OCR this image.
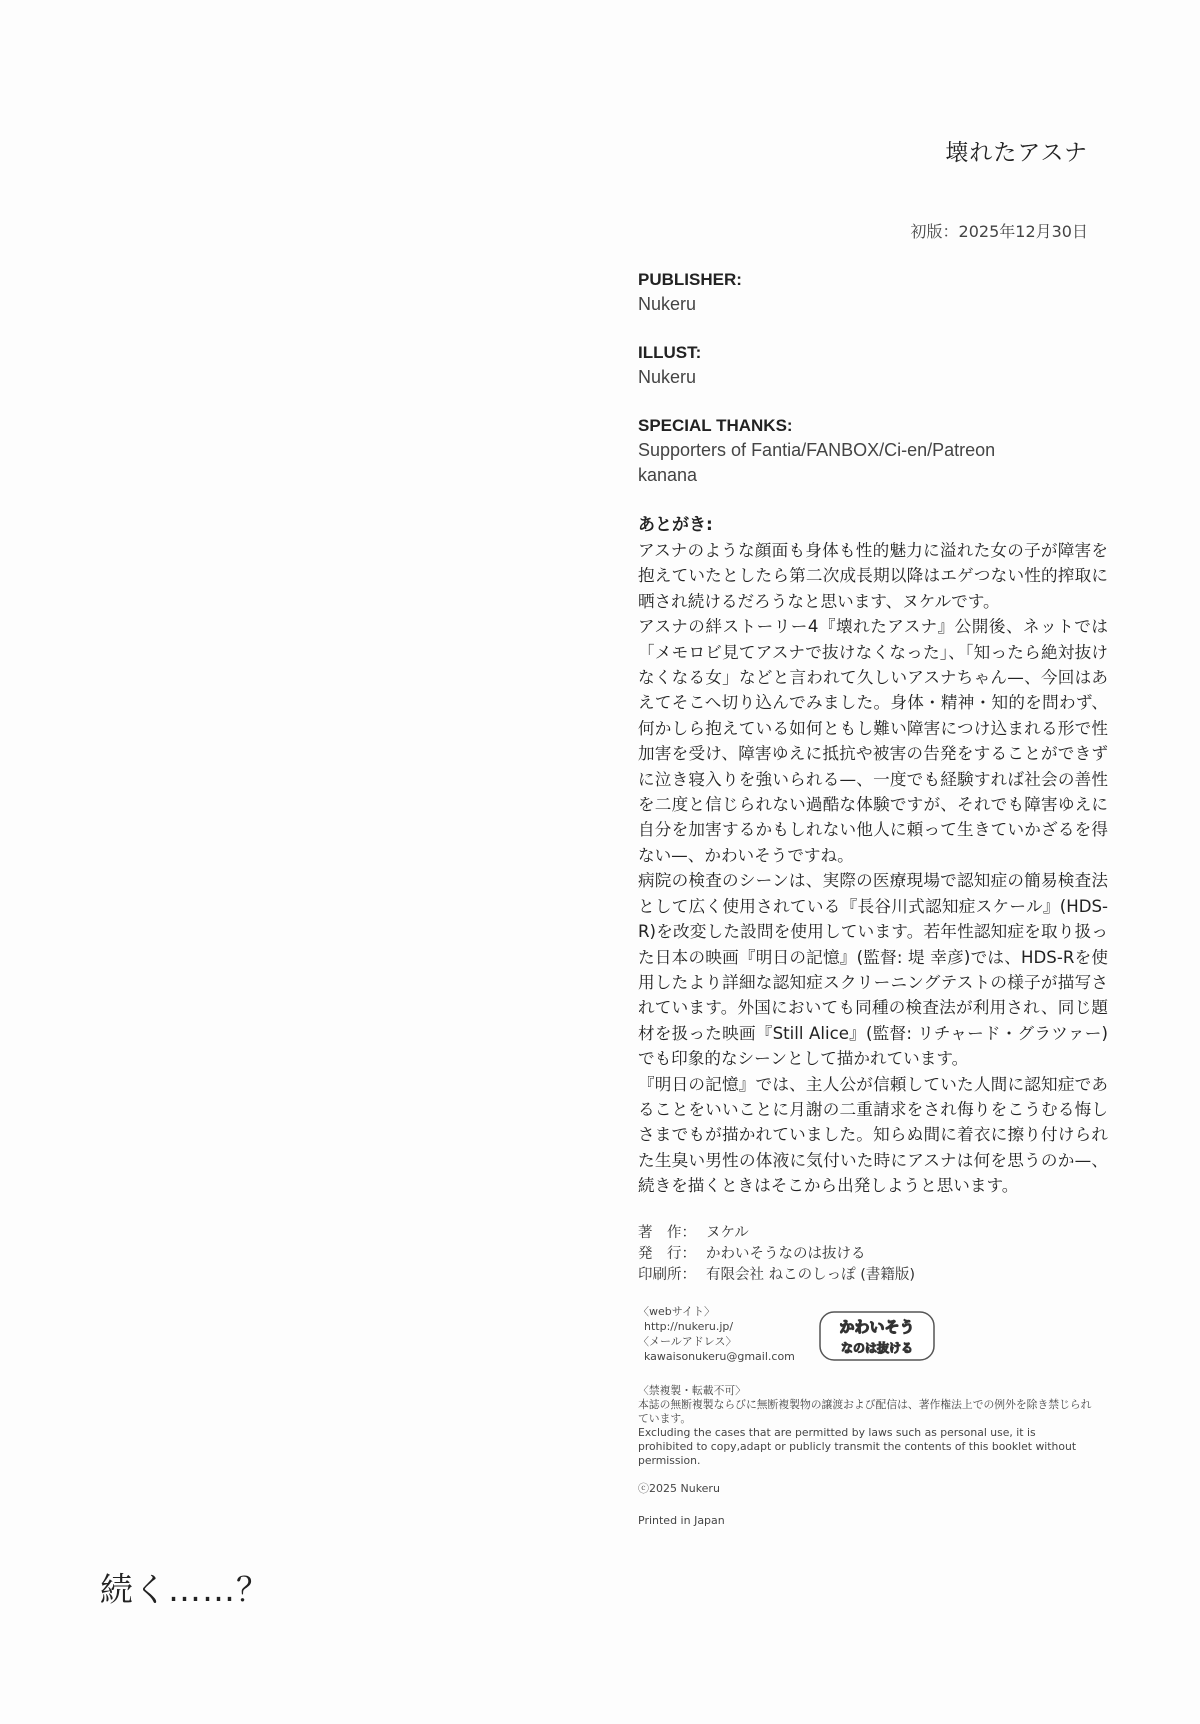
壊れたアスナ
初版：2025年12月30日
PUBLISHER:
Nukeru
ILLUST:
Nukeru
SPECIAL THANKS:
Supporters of Fantia/FANBOX/Ci-en/Patreon
kanana
あとがき:

アスナのような顔面も身体も性的魅力に溢れた女の子が障害を抱えていたとしたら第二次成長期以降はエゲつない性的搾取に晒され続けるだろうなと思います、ヌケルです。

アスナの絆ストーリー4『壊れたアスナ』公開後、ネットでは「メモロビ見てアスナで抜けなくなった」、「知ったら絶対抜けなくなる女」などと言われて久しいアスナちゃん—、今回はあえてそこへ切り込んでみました。身体・精神・知的を問わず、何かしら抱えている如何ともし難い障害につけ込まれる形で性加害を受け、障害ゆえに抵抗や被害の告発をすることができずに泣き寝入りを強いられる—、一度でも経験すれば社会の善性を二度と信じられない過酷な体験ですが、それでも障害ゆえに自分を加害するかもしれない他人に頼って生きていかざるを得ない—、かわいそうですね。

病院の検査のシーンは、実際の医療現場で認知症の簡易検査法として広く使用されている『長谷川式認知症スケール』(HDS-R)を改変した設問を使用しています。若年性認知症を取り扱った日本の映画『明日の記憶』(監督: 堤 幸彦)では、HDS-Rを使用したより詳細な認知症スクリーニングテストの様子が描写されています。外国においても同種の検査法が利用され、同じ題材を扱った映画『Still Alice』(監督: リチャード・グラツァー)でも印象的なシーンとして描かれています。

『明日の記憶』では、主人公が信頼していた人間に認知症であることをいいことに月謝の二重請求をされ侮りをこうむる悔しさまでもが描かれていました。知らぬ間に着衣に擦り付けられた生臭い男性の体液に気付いた時にアスナは何を思うのか—、続きを描くときはそこから出発しようと思います。

著　作： ヌケル
発　行： かわいそうなのは抜ける
印刷所： 有限会社 ねこのしっぽ (書籍版)
〈webサイト〉
http://nukeru.jp/
〈メールアドレス〉
kawaisonukeru@gmail.com
かわいそう
なのは抜ける
〈禁複製・転載不可〉
本誌の無断複製ならびに無断複製物の譲渡および配信は、著作権法上での例外を除き禁じられています。
Excluding the cases that are permitted by laws such as personal use, it is prohibited to copy,adapt or publicly transmit the contents of this booklet without permission.
ⓒ2025 Nukeru
Printed in Japan
続く……？
